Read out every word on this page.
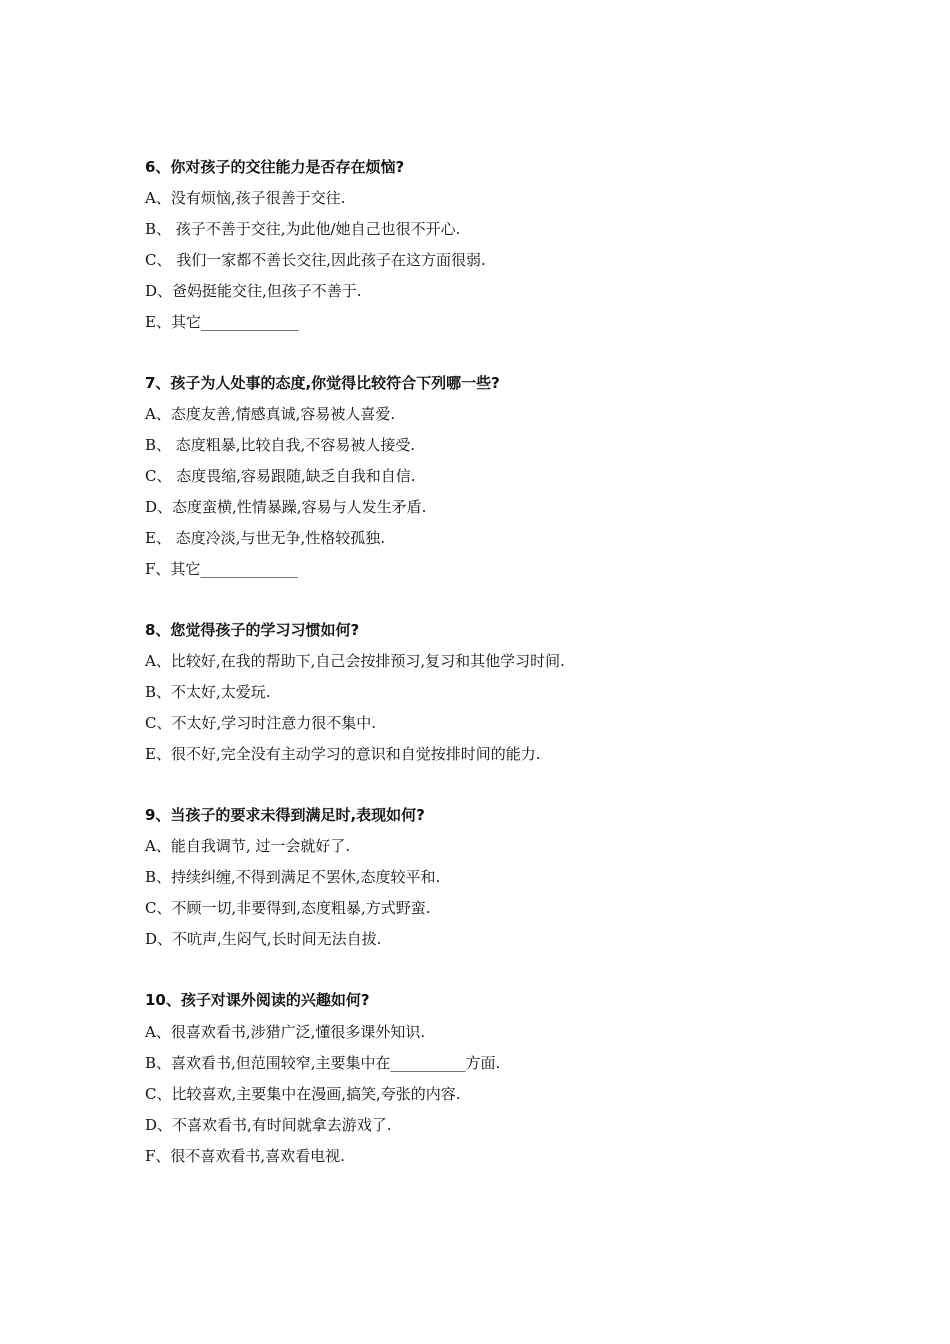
6、你对孩子的交往能力是否存在烦恼?
A、没有烦恼,孩子很善于交往.
B、 孩子不善于交往,为此他/她自己也很不开心.
C、 我们一家都不善长交往,因此孩子在这方面很弱.
D、爸妈挺能交往,但孩子不善于.
E、其它_____________
7、孩子为人处事的态度,你觉得比较符合下列哪一些?
A、态度友善,情感真诚,容易被人喜爱.
B、 态度粗暴,比较自我,不容易被人接受.
C、 态度畏缩,容易跟随,缺乏自我和自信.
D、态度蛮横,性情暴躁,容易与人发生矛盾.
E、 态度冷淡,与世无争,性格较孤独.
F、其它_____________
8、您觉得孩子的学习习惯如何?
A、比较好,在我的帮助下,自己会按排预习,复习和其他学习时间.
B、不太好,太爱玩.
C、不太好,学习时注意力很不集中.
E、很不好,完全没有主动学习的意识和自觉按排时间的能力.
9、当孩子的要求未得到满足时,表现如何?
A、能自我调节, 过一会就好了.
B、持续纠缠,不得到满足不罢休,态度较平和.
C、不顾一切,非要得到,态度粗暴,方式野蛮.
D、不吭声,生闷气,长时间无法自拔.
10、孩子对课外阅读的兴趣如何?
A、很喜欢看书,涉猎广泛,懂很多课外知识.
B、喜欢看书,但范围较窄,主要集中在__________方面.
C、比较喜欢,主要集中在漫画,搞笑,夸张的内容.
D、不喜欢看书,有时间就拿去游戏了.
F、很不喜欢看书,喜欢看电视.
